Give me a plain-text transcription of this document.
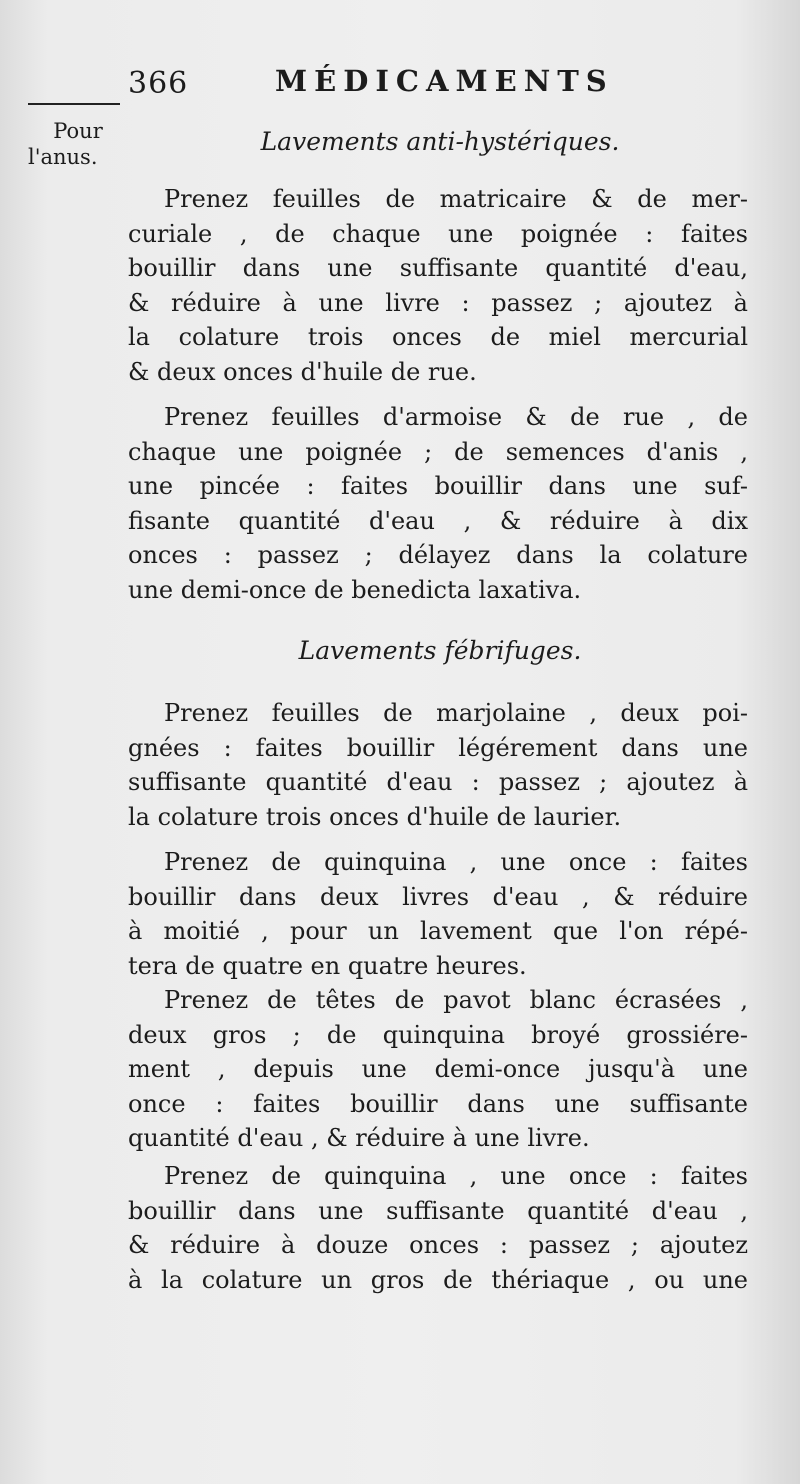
366	MÉDICAMENTS
Pour
l'anus.
Lavements anti-hystériques.
Prenez feuilles de matricaire & de mer-
curiale , de chaque une poignée : faites
bouillir dans une suffisante quantité d'eau,
& réduire à une livre : passez ; ajoutez à
la colature trois onces de miel mercurial
& deux onces d'huile de rue.
Prenez feuilles d'armoise & de rue , de
chaque une poignée ; de semences d'anis ,
une pincée : faites bouillir dans une suf-
fisante quantité d'eau , & réduire à dix
onces : passez ; délayez dans la colature
une demi-once de benedicta laxativa.
Lavements fébrifuges.
Prenez feuilles de marjolaine , deux poi-
gnées : faites bouillir légérement dans une
suffisante quantité d'eau : passez ; ajoutez à
la colature trois onces d'huile de laurier.
Prenez de quinquina , une once : faites
bouillir dans deux livres d'eau , & réduire
à moitié , pour un lavement que l'on répé-
tera de quatre en quatre heures.
Prenez de têtes de pavot blanc écrasées ,
deux gros ; de quinquina broyé grossiére-
ment , depuis une demi-once jusqu'à une
once : faites bouillir dans une suffisante
quantité d'eau , & réduire à une livre.
Prenez de quinquina , une once : faites
bouillir dans une suffisante quantité d'eau ,
& réduire à douze onces : passez ; ajoutez
à la colature un gros de thériaque , ou une
